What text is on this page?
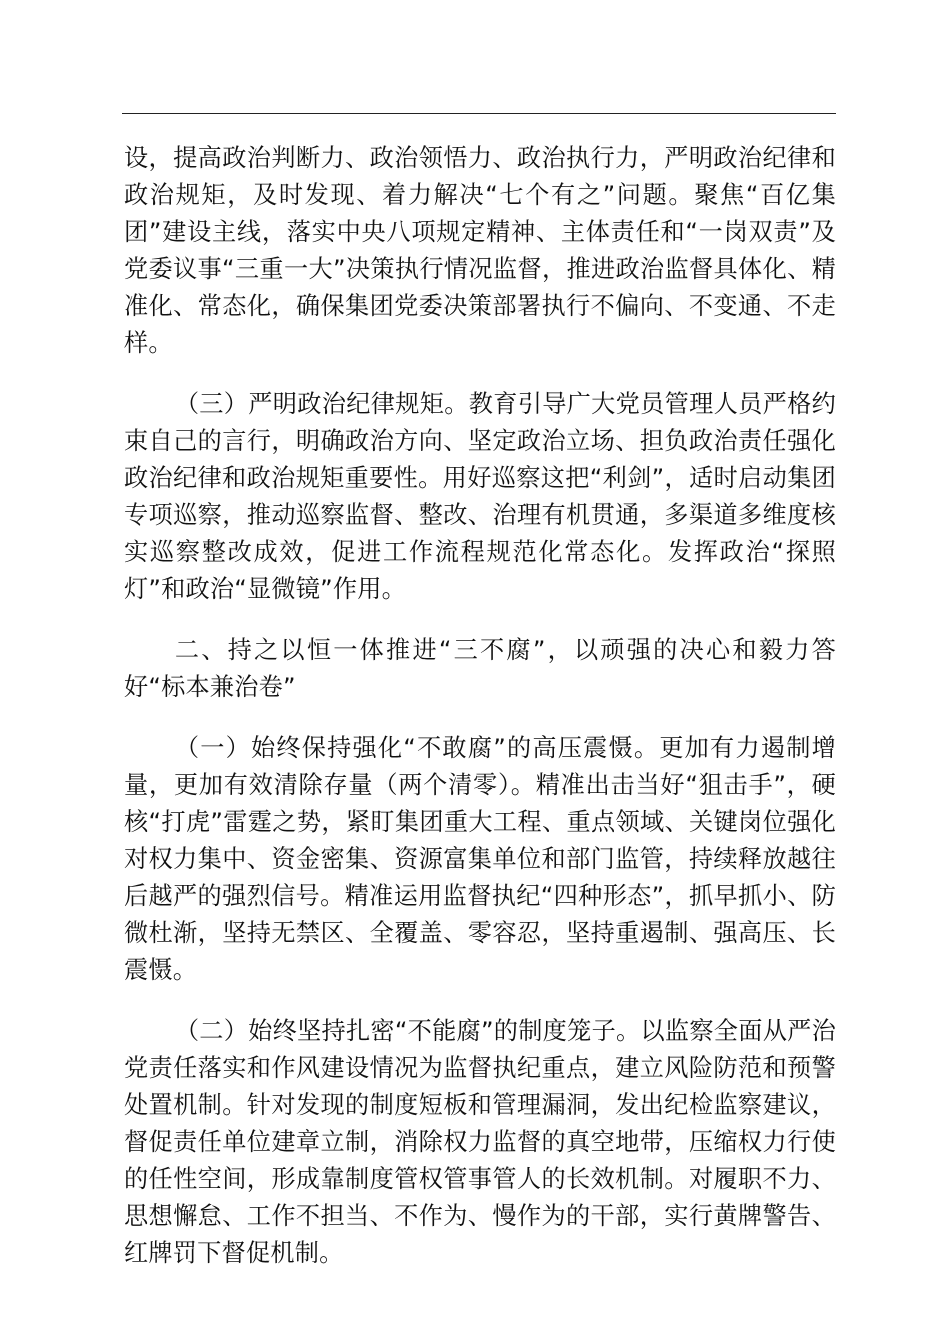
设，提高政治判断力、政治领悟力、政治执行力，严明政治纪律和政治规矩，及时发现、着力解决“七个有之”问题。聚焦“百亿集团”建设主线，落实中央八项规定精神、主体责任和“一岗双责”及党委议事“三重一大”决策执行情况监督，推进政治监督具体化、精准化、常态化，确保集团党委决策部署执行不偏向、不变通、不走样。

（三）严明政治纪律规矩。教育引导广大党员管理人员严格约束自己的言行，明确政治方向、坚定政治立场、担负政治责任强化政治纪律和政治规矩重要性。用好巡察这把“利剑”，适时启动集团专项巡察，推动巡察监督、整改、治理有机贯通，多渠道多维度核实巡察整改成效，促进工作流程规范化常态化。发挥政治“探照灯”和政治“显微镜”作用。

二、持之以恒一体推进“三不腐”，以顽强的决心和毅力答好“标本兼治卷”

（一）始终保持强化“不敢腐”的高压震慑。更加有力遏制增量，更加有效清除存量（两个清零）。精准出击当好“狙击手”，硬核“打虎”雷霆之势，紧盯集团重大工程、重点领域、关键岗位强化对权力集中、资金密集、资源富集单位和部门监管，持续释放越往后越严的强烈信号。精准运用监督执纪“四种形态”，抓早抓小、防微杜渐，坚持无禁区、全覆盖、零容忍，坚持重遏制、强高压、长震慑。

（二）始终坚持扎密“不能腐”的制度笼子。以监察全面从严治党责任落实和作风建设情况为监督执纪重点，建立风险防范和预警处置机制。针对发现的制度短板和管理漏洞，发出纪检监察建议，督促责任单位建章立制，消除权力监督的真空地带，压缩权力行使的任性空间，形成靠制度管权管事管人的长效机制。对履职不力、思想懈怠、工作不担当、不作为、慢作为的干部，实行黄牌警告、红牌罚下督促机制。
